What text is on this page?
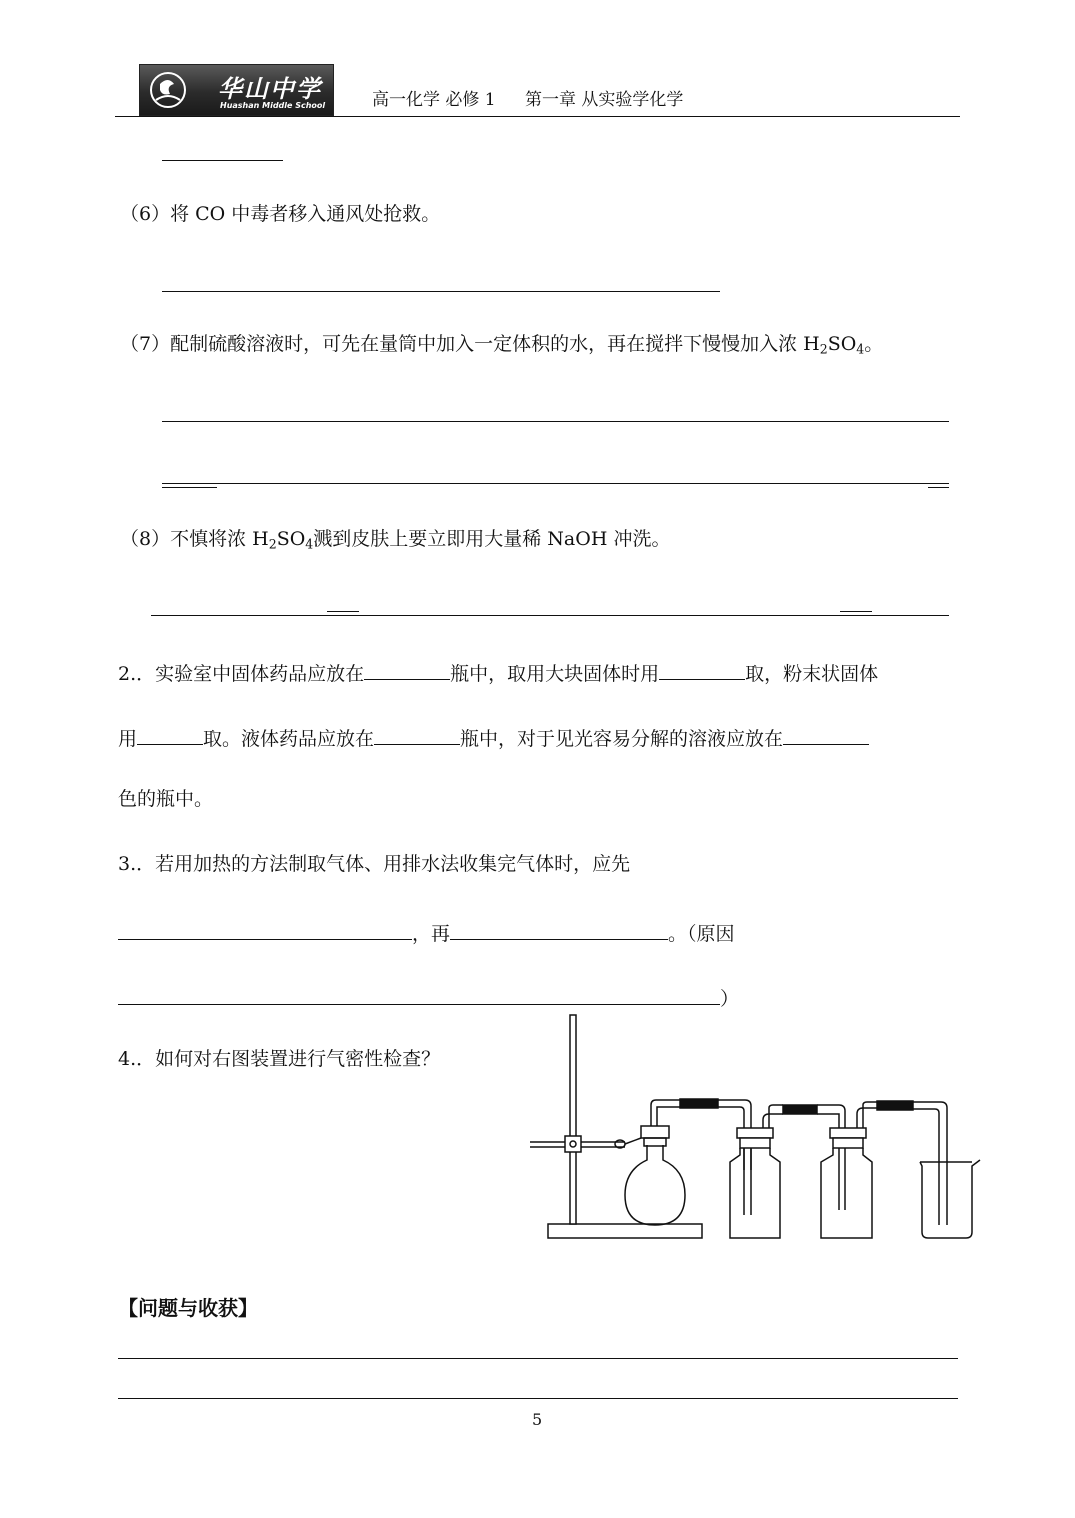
华山中学
Huashan Middle School	高一化学 必修 1 第一章 从实验学化学
（6）将 CO 中毒者移入通风处抢救。
（7）配制硫酸溶液时，可先在量筒中加入一定体积的水，再在搅拌下慢慢加入浓 $H_2SO_4$。
（8）不慎将浓 $H_2SO_4$溅到皮肤上要立即用大量稀 NaOH 冲洗。
2.．实验室中固体药品应放在	瓶中，取用大块固体时用	取，粉末状固体
用	取。液体药品应放在	瓶中，对于见光容易分解的溶液应放在
色的瓶中。
3.．若用加热的方法制取气体、用排水法收集完气体时，应先
，再	。（原因
）
4.．如何对右图装置进行气密性检查？
【问题与收获】
5
